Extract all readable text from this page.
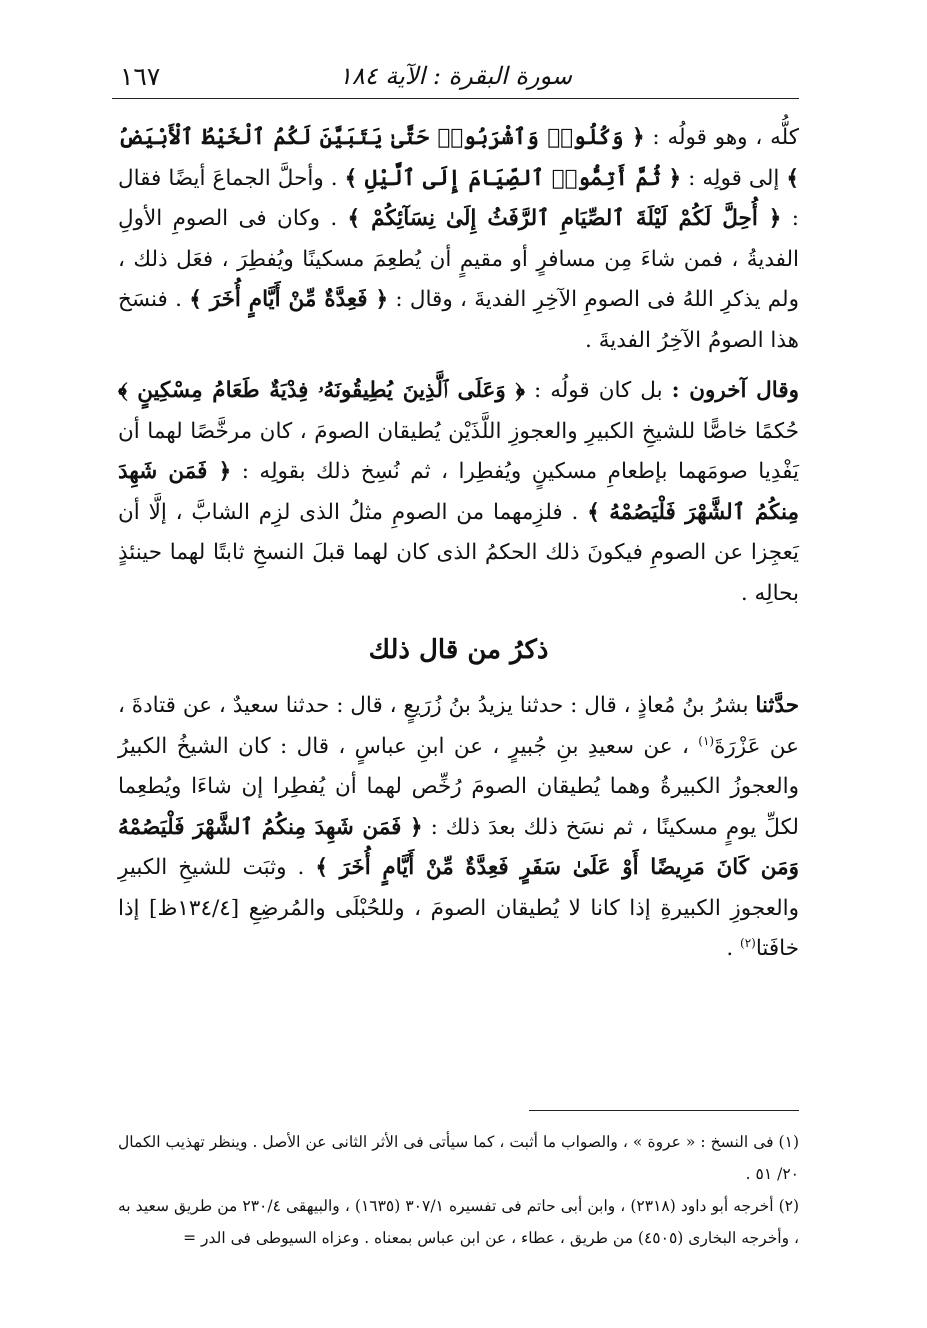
سورة البقرة : الآية ١٨٤
١٦٧

كلُّه ، وهو قولُه : ﴿ وَكُلُوا۟ وَٱشْرَبُوا۟ حَتَّىٰ يَتَبَيَّنَ لَكُمُ ٱلْخَيْطُ ٱلْأَبْيَضُ ﴾ إلى قولِه : ﴿ ثُمَّ أَتِمُّوا۟ ٱلصِّيَامَ إِلَى ٱلَّيْلِ ﴾ . وأحلَّ الجماعَ أيضًا فقال : ﴿ أُحِلَّ لَكُمْ لَيْلَةَ ٱلصِّيَامِ ٱلرَّفَثُ إِلَىٰ نِسَآئِكُمْ ﴾ . وكان فى الصومِ الأولِ الفديةُ ، فمن شاءَ مِن مسافرٍ أو مقيمٍ أن يُطعِمَ مسكينًا ويُفطِرَ ، فعَل ذلك ، ولم يذكرِ اللهُ فى الصومِ الآخِرِ الفديةَ ، وقال : ﴿ فَعِدَّةٌ مِّنْ أَيَّامٍ أُخَرَ ﴾ . فنسَخ هذا الصومُ الآخِرُ الفديةَ .

وقال آخرون : بل كان قولُه : ﴿ وَعَلَى ٱلَّذِينَ يُطِيقُونَهُۥ فِدْيَةٌ طَعَامُ مِسْكِينٍ ﴾ حُكمًا خاصًّا للشيخِ الكبيرِ والعجوزِ اللَّذَيْن يُطيقان الصومَ ، كان مرخَّصًا لهما أن يَفْدِيا صومَهما بإطعامِ مسكينٍ ويُفطِرا ، ثم نُسِخ ذلك بقولِه : ﴿ فَمَن شَهِدَ مِنكُمُ ٱلشَّهْرَ فَلْيَصُمْهُ ﴾ . فلزِمهما من الصومِ مثلُ الذى لزِم الشابَّ ، إلَّا أن يَعجِزا عن الصومِ فيكونَ ذلك الحكمُ الذى كان لهما قبلَ النسخِ ثابتًا لهما حينئذٍ بحالِه .

ذكرُ من قال ذلك

حدَّثنا بشرُ بنُ مُعاذٍ ، قال : حدثنا يزيدُ بنُ زُرَيعٍ ، قال : حدثنا سعيدٌ ، عن قتادةَ ، عن عَزْرَةَ$^{(١)}$ ، عن سعيدِ بنِ جُبيرٍ ، عن ابنِ عباسٍ ، قال : كان الشيخُ الكبيرُ والعجوزُ الكبيرةُ وهما يُطيقان الصومَ رُخِّص لهما أن يُفطِرا إن شاءَا ويُطعِما لكلِّ يومٍ مسكينًا ، ثم نسَخ ذلك بعدَ ذلك : ﴿ فَمَن شَهِدَ مِنكُمُ ٱلشَّهْرَ فَلْيَصُمْهُ وَمَن كَانَ مَرِيضًا أَوْ عَلَىٰ سَفَرٍ فَعِدَّةٌ مِّنْ أَيَّامٍ أُخَرَ ﴾ . وثبَت للشيخِ الكبيرِ والعجوزِ الكبيرةِ إذا كانا لا يُطيقان الصومَ ، وللحُبْلَى والمُرضِعِ [١٣٤/٤ظ] إذا خافَتا$^{(٢)}$ .

(١) فى النسخ : « عروة » ، والصواب ما أثبت ، كما سيأتى فى الأثر الثانى عن الأصل . وينظر تهذيب الكمال ٢٠/ ٥١ .

(٢) أخرجه أبو داود (٢٣١٨) ، وابن أبى حاتم فى تفسيره ٣٠٧/١ (١٦٣٥) ، والبيهقى ٢٣٠/٤ من طريق سعيد به ، وأخرجه البخارى (٤٥٠٥) من طريق ، عطاء ، عن ابن عباس بمعناه . وعزاه السيوطى فى الدر =
